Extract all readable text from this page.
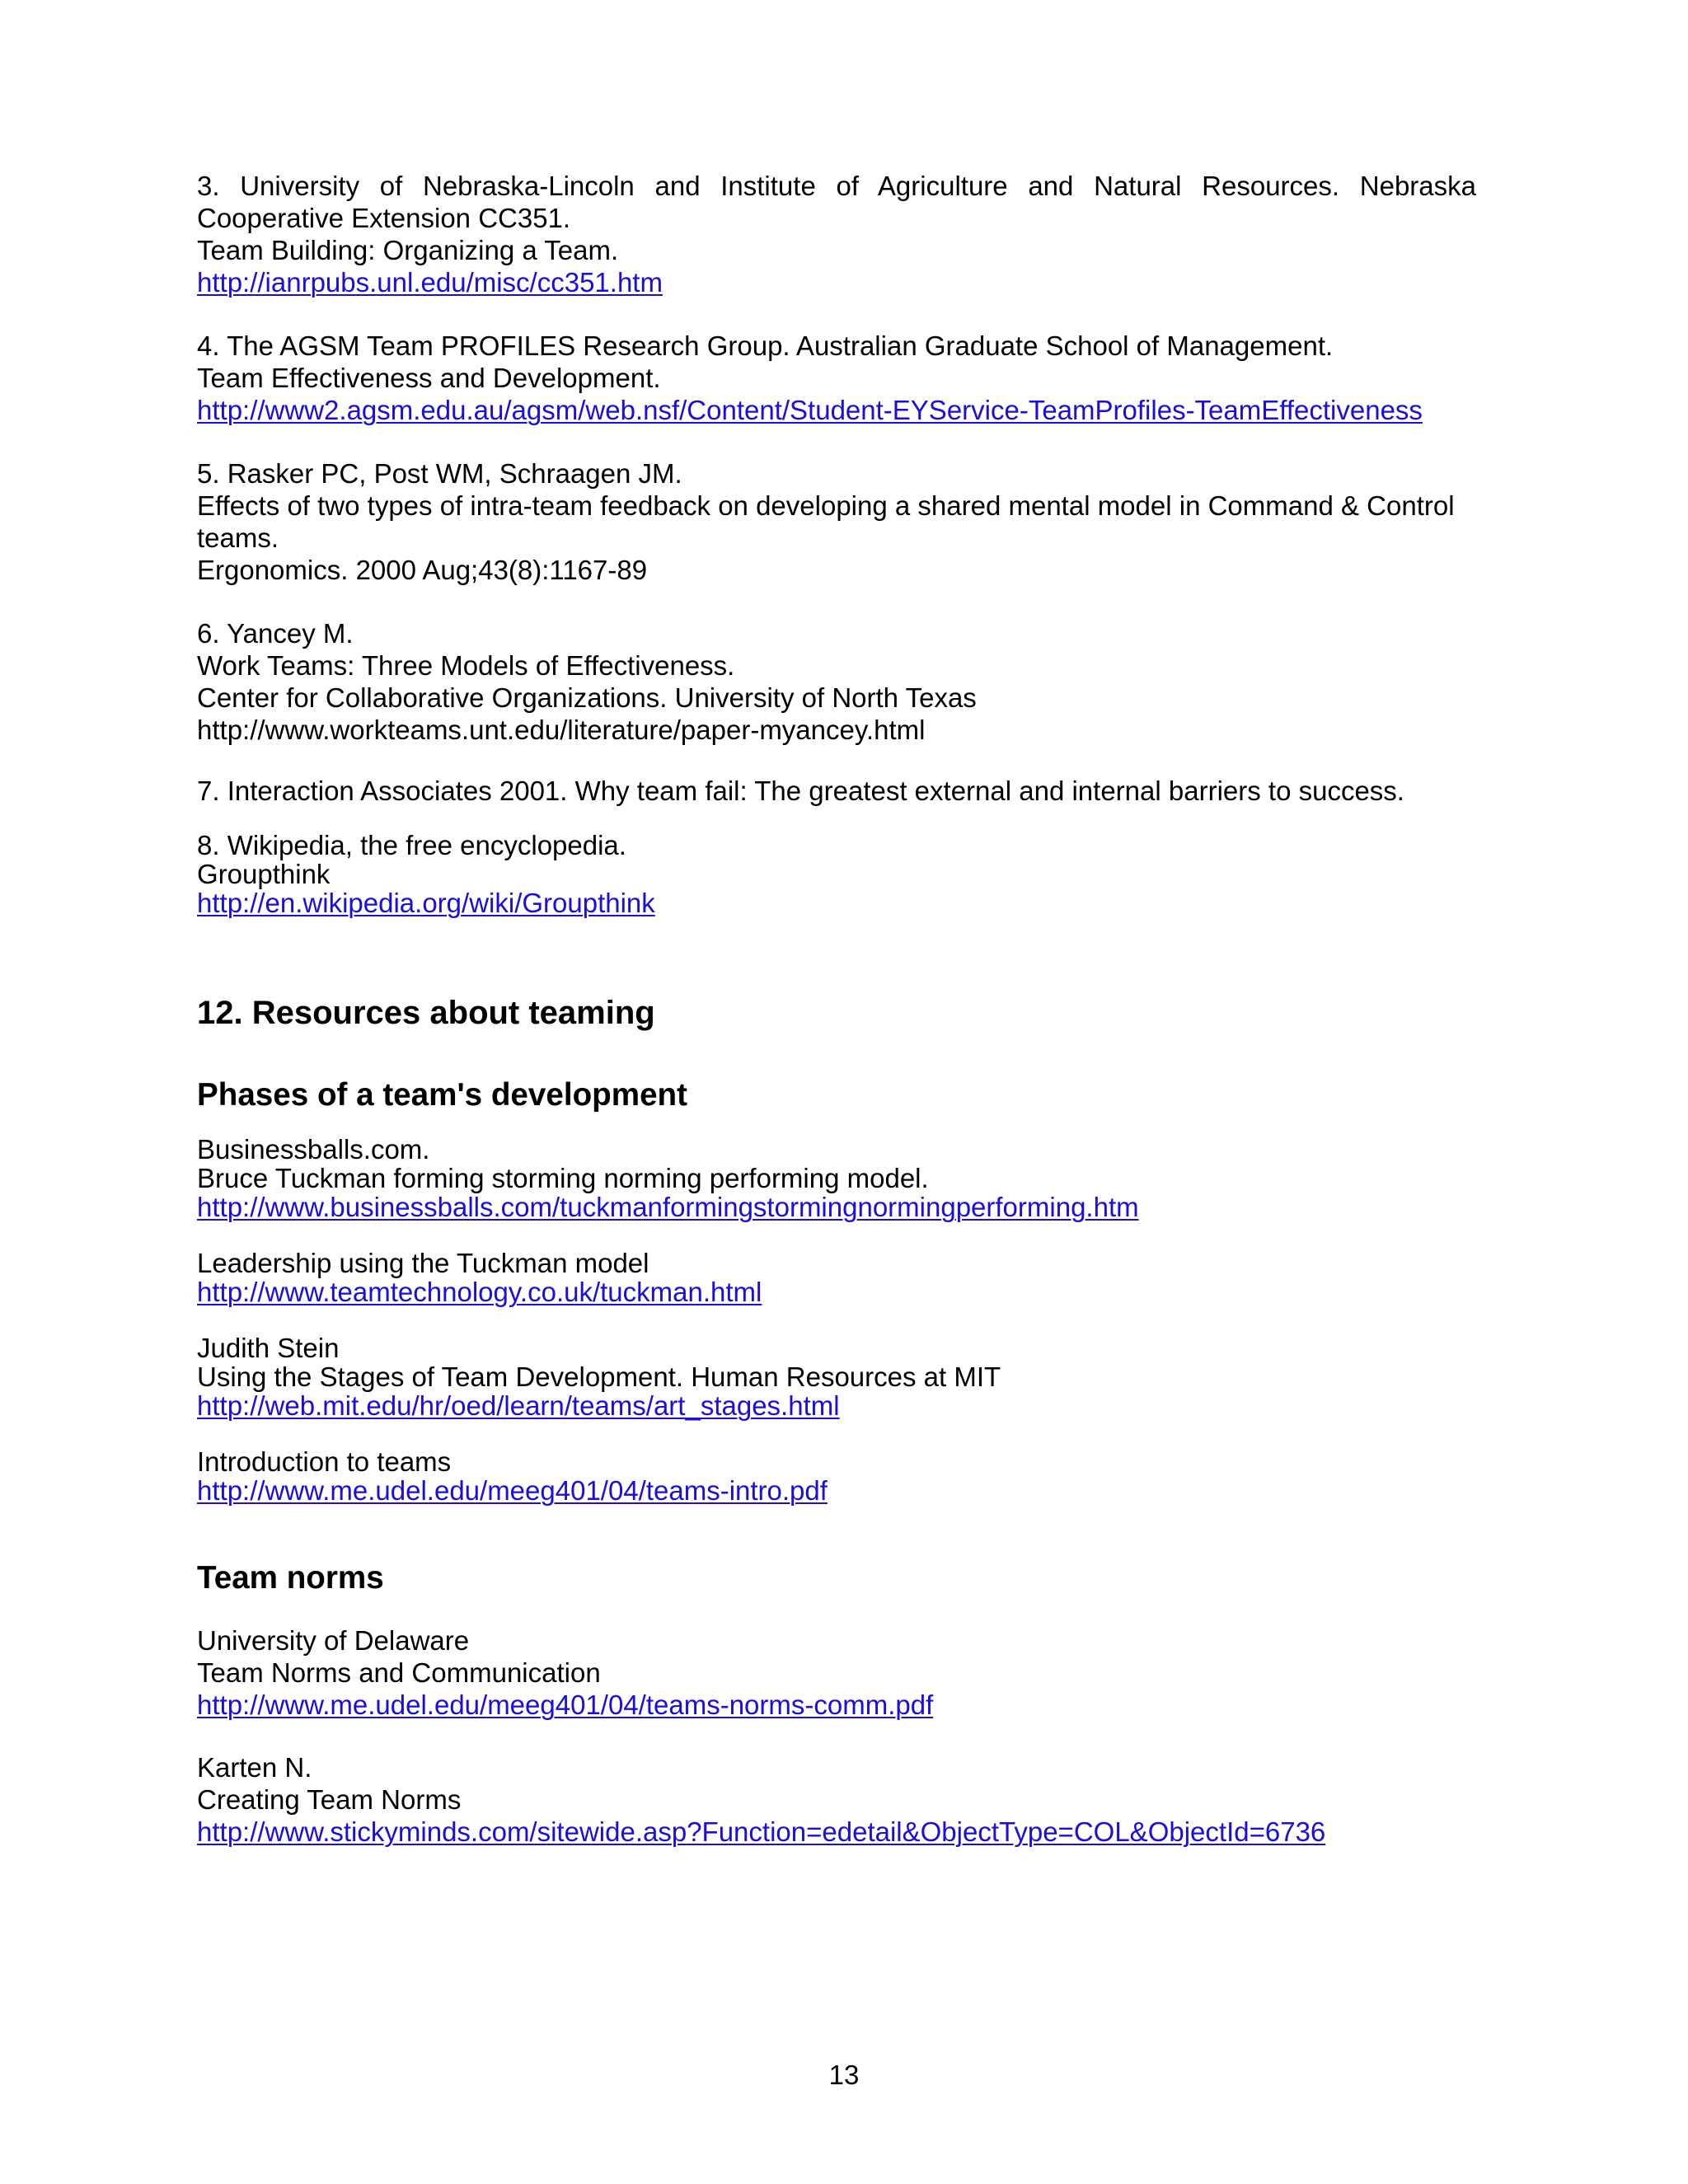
3. University of Nebraska-Lincoln and Institute of Agriculture and Natural Resources. Nebraska
Cooperative Extension CC351.
Team Building: Organizing a Team.
http://ianrpubs.unl.edu/misc/cc351.htm
4. The AGSM Team PROFILES Research Group. Australian Graduate School of Management.
Team Effectiveness and Development.
http://www2.agsm.edu.au/agsm/web.nsf/Content/Student-EYService-TeamProfiles-TeamEffectiveness
5. Rasker PC, Post WM, Schraagen JM.
Effects of two types of intra-team feedback on developing a shared mental model in Command & Control
teams.
Ergonomics. 2000 Aug;43(8):1167-89
6. Yancey M.
Work Teams: Three Models of Effectiveness.
Center for Collaborative Organizations. University of North Texas
http://www.workteams.unt.edu/literature/paper-myancey.html
7. Interaction Associates 2001. Why team fail: The greatest external and internal barriers to success.
8. Wikipedia, the free encyclopedia.
Groupthink
http://en.wikipedia.org/wiki/Groupthink
12. Resources about teaming
Phases of a team's development
Businessballs.com.
Bruce Tuckman forming storming norming performing model.
http://www.businessballs.com/tuckmanformingstormingnormingperforming.htm
Leadership using the Tuckman model
http://www.teamtechnology.co.uk/tuckman.html
Judith Stein
Using the Stages of Team Development. Human Resources at MIT
http://web.mit.edu/hr/oed/learn/teams/art_stages.html
Introduction to teams
http://www.me.udel.edu/meeg401/04/teams-intro.pdf
Team norms
University of Delaware
Team Norms and Communication
http://www.me.udel.edu/meeg401/04/teams-norms-comm.pdf
Karten N.
Creating Team Norms
http://www.stickyminds.com/sitewide.asp?Function=edetail&ObjectType=COL&ObjectId=6736
13
